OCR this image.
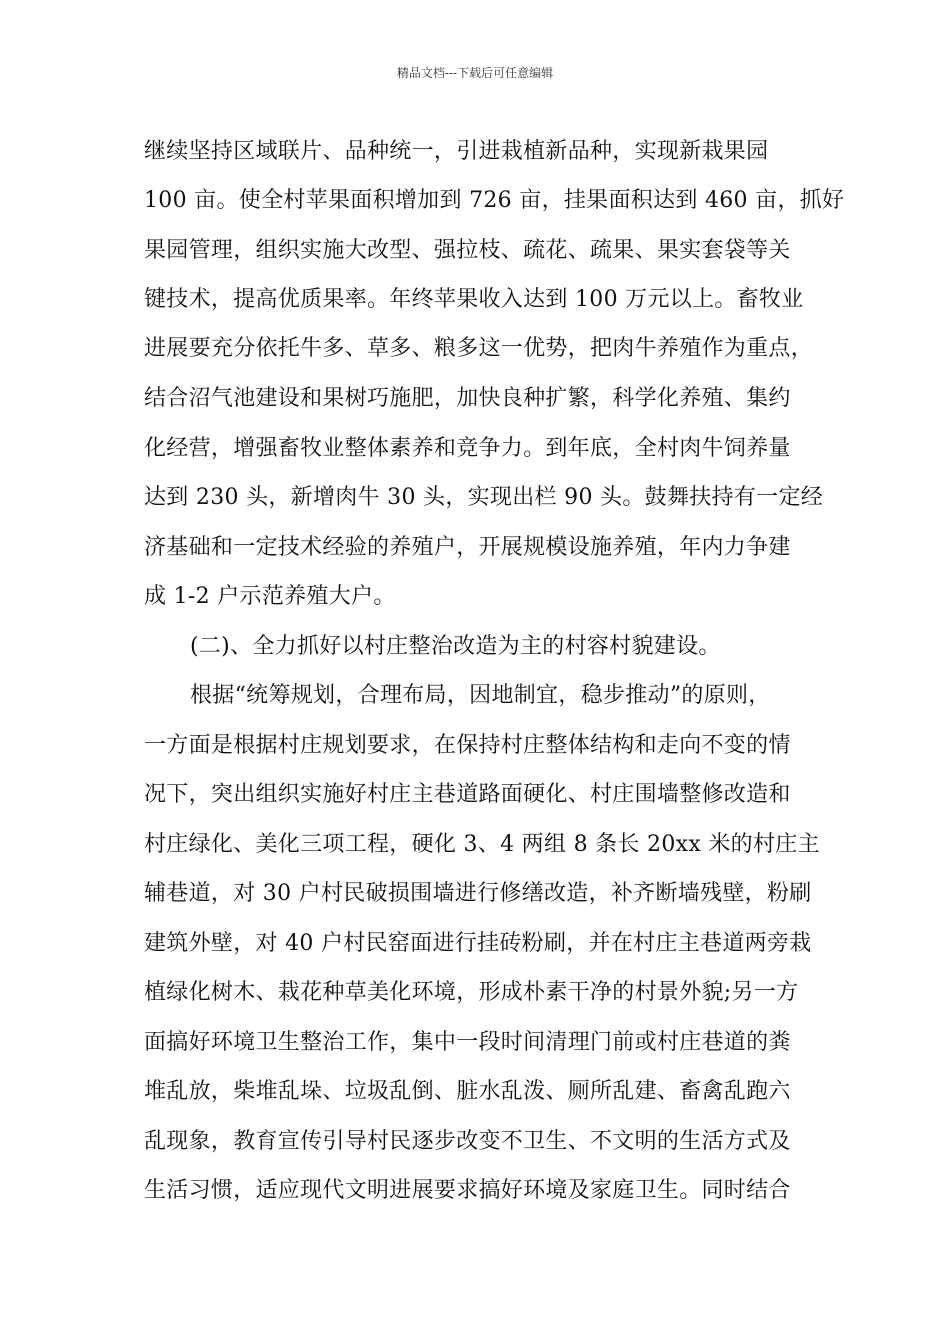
精品文档---下载后可任意编辑
继续坚持区域联片、品种统一，引进栽植新品种，实现新栽果园
100 亩。使全村苹果面积增加到 726 亩，挂果面积达到 460 亩，抓好
果园管理，组织实施大改型、强拉枝、疏花、疏果、果实套袋等关
键技术，提高优质果率。年终苹果收入达到 100 万元以上。畜牧业
进展要充分依托牛多、草多、粮多这一优势，把肉牛养殖作为重点，
结合沼气池建设和果树巧施肥，加快良种扩繁，科学化养殖、集约
化经营，增强畜牧业整体素养和竞争力。到年底，全村肉牛饲养量
达到 230 头，新增肉牛 30 头，实现出栏 90 头。鼓舞扶持有一定经
济基础和一定技术经验的养殖户，开展规模设施养殖，年内力争建
成 1-2 户示范养殖大户。
(二)、全力抓好以村庄整治改造为主的村容村貌建设。
根据“统筹规划，合理布局，因地制宜，稳步推动”的原则，
一方面是根据村庄规划要求，在保持村庄整体结构和走向不变的情
况下，突出组织实施好村庄主巷道路面硬化、村庄围墙整修改造和
村庄绿化、美化三项工程，硬化 3、4 两组 8 条长 20xx 米的村庄主
辅巷道，对 30 户村民破损围墙进行修缮改造，补齐断墙残壁，粉刷
建筑外壁，对 40 户村民窑面进行挂砖粉刷，并在村庄主巷道两旁栽
植绿化树木、栽花种草美化环境，形成朴素干净的村景外貌;另一方
面搞好环境卫生整治工作，集中一段时间清理门前或村庄巷道的粪
堆乱放，柴堆乱垛、垃圾乱倒、脏水乱泼、厕所乱建、畜禽乱跑六
乱现象，教育宣传引导村民逐步改变不卫生、不文明的生活方式及
生活习惯，适应现代文明进展要求搞好环境及家庭卫生。同时结合
